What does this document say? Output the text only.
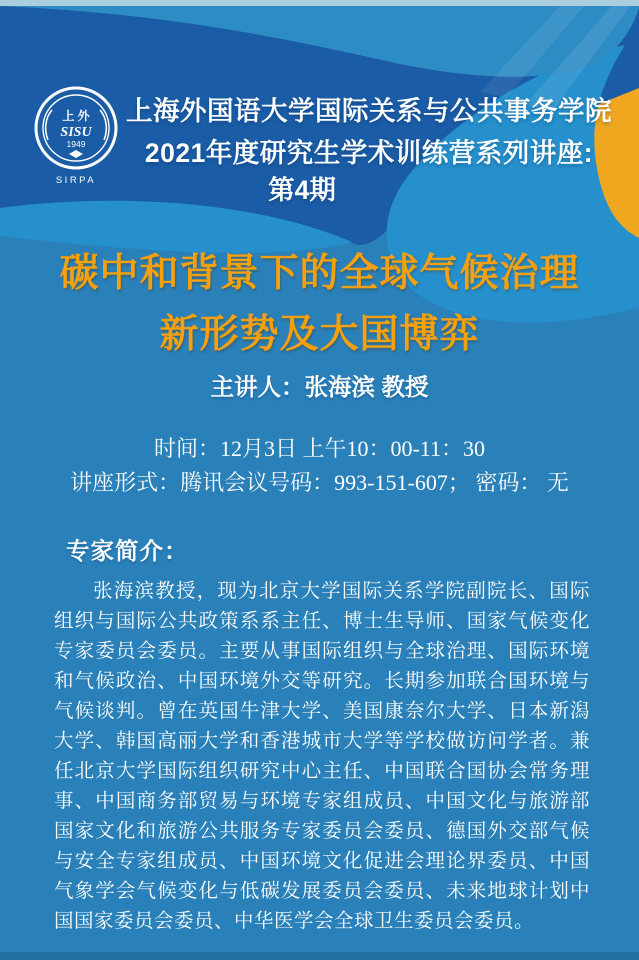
上 外
SISU
1949
SIRPA
上海外国语大学国际关系与公共事务学院
2021年度研究生学术训练营系列讲座:
第4期
碳中和背景下的全球气候治理
新形势及大国博弈
主讲人：张海滨 教授
时间：12月3日 上午10：00-11：30
讲座形式：腾讯会议号码：993-151-607； 密码： 无
专家简介：
张海滨教授，现为北京大学国际关系学院副院长、国际组织与国际公共政策系系主任、博士生导师、国家气候变化专家委员会委员。主要从事国际组织与全球治理、国际环境和气候政治、中国环境外交等研究。长期参加联合国环境与气候谈判。曾在英国牛津大学、美国康奈尔大学、日本新潟大学、韩国高丽大学和香港城市大学等学校做访问学者。兼任北京大学国际组织研究中心主任、中国联合国协会常务理事、中国商务部贸易与环境专家组成员、中国文化与旅游部国家文化和旅游公共服务专家委员会委员、德国外交部气候与安全专家组成员、中国环境文化促进会理论界委员、中国气象学会气候变化与低碳发展委员会委员、未来地球计划中国国家委员会委员、中华医学会全球卫生委员会委员。
